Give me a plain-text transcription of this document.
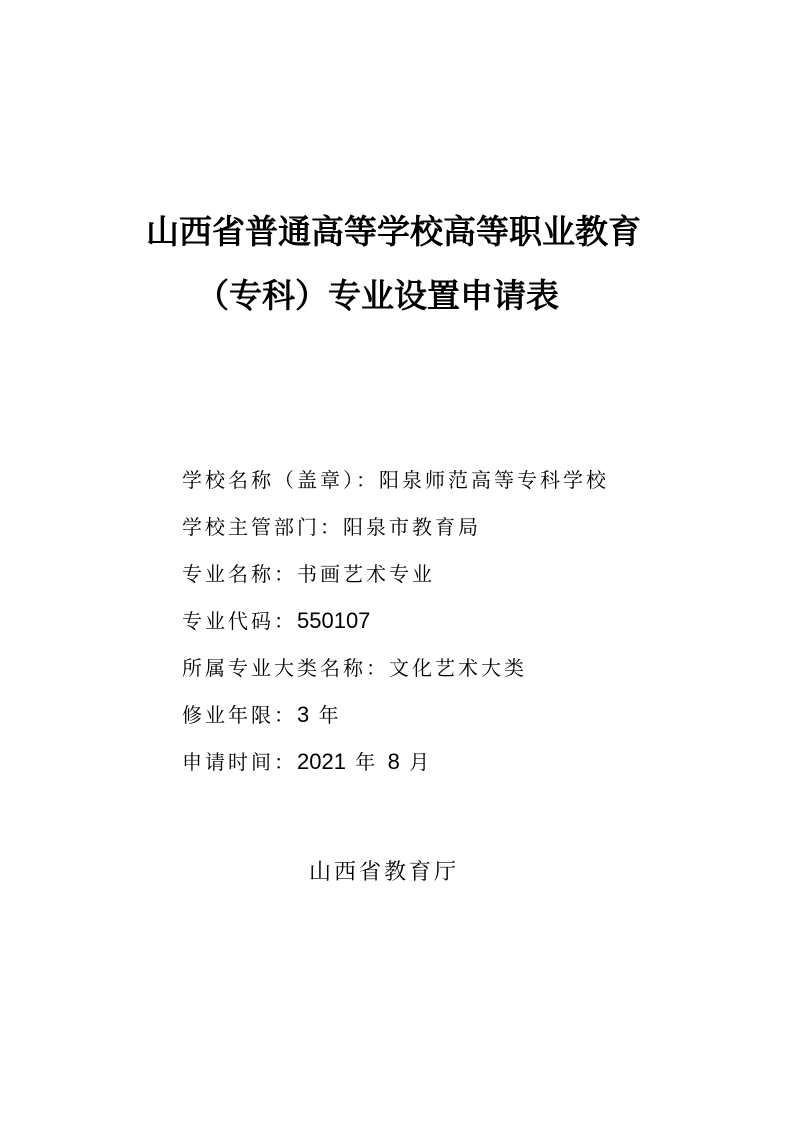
山西省普通高等学校高等职业教育
（专科）专业设置申请表
学校名称（盖章）：阳泉师范高等专科学校
学校主管部门：阳泉市教育局
专业名称：书画艺术专业
专业代码：550107
所属专业大类名称：文化艺术大类
修业年限：3 年
申请时间：2021 年 8 月
山西省教育厅
